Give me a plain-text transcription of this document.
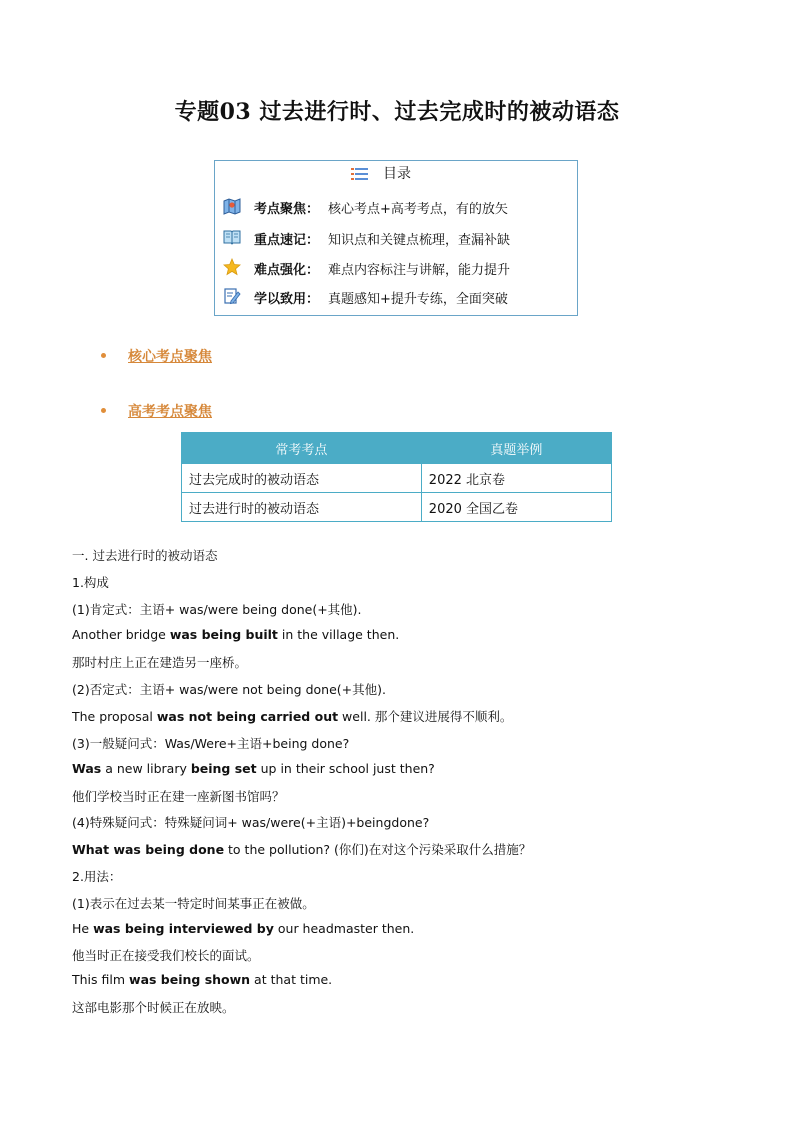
专题03 过去进行时、过去完成时的被动语态
目录
考点聚焦： 核心考点+高考考点，有的放矢
重点速记： 知识点和关键点梳理，查漏补缺
难点强化： 难点内容标注与讲解，能力提升
学以致用： 真题感知+提升专练，全面突破
核心考点聚焦
高考考点聚焦
常考考点	真题举例
过去完成时的被动语态	2022 北京卷
过去进行时的被动语态	2020 全国乙卷
一. 过去进行时的被动语态
1.构成
(1)肯定式：主语+ was/were being done(+其他).
Another bridge was being built in the village then.
那时村庄上正在建造另一座桥。
(2)否定式：主语+ was/were not being done(+其他).
The proposal was not being carried out well. 那个建议进展得不顺利。
(3)一般疑问式：Was/Were+主语+being done?
Was a new library being set up in their school just then?
他们学校当时正在建一座新图书馆吗？
(4)特殊疑问式：特殊疑问词+ was/were(+主语)+beingdone?
What was being done to the pollution? (你们)在对这个污染采取什么措施？
2.用法：
(1)表示在过去某一特定时间某事正在被做。
He was being interviewed by our headmaster then.
他当时正在接受我们校长的面试。
This film was being shown at that time.
这部电影那个时候正在放映。
